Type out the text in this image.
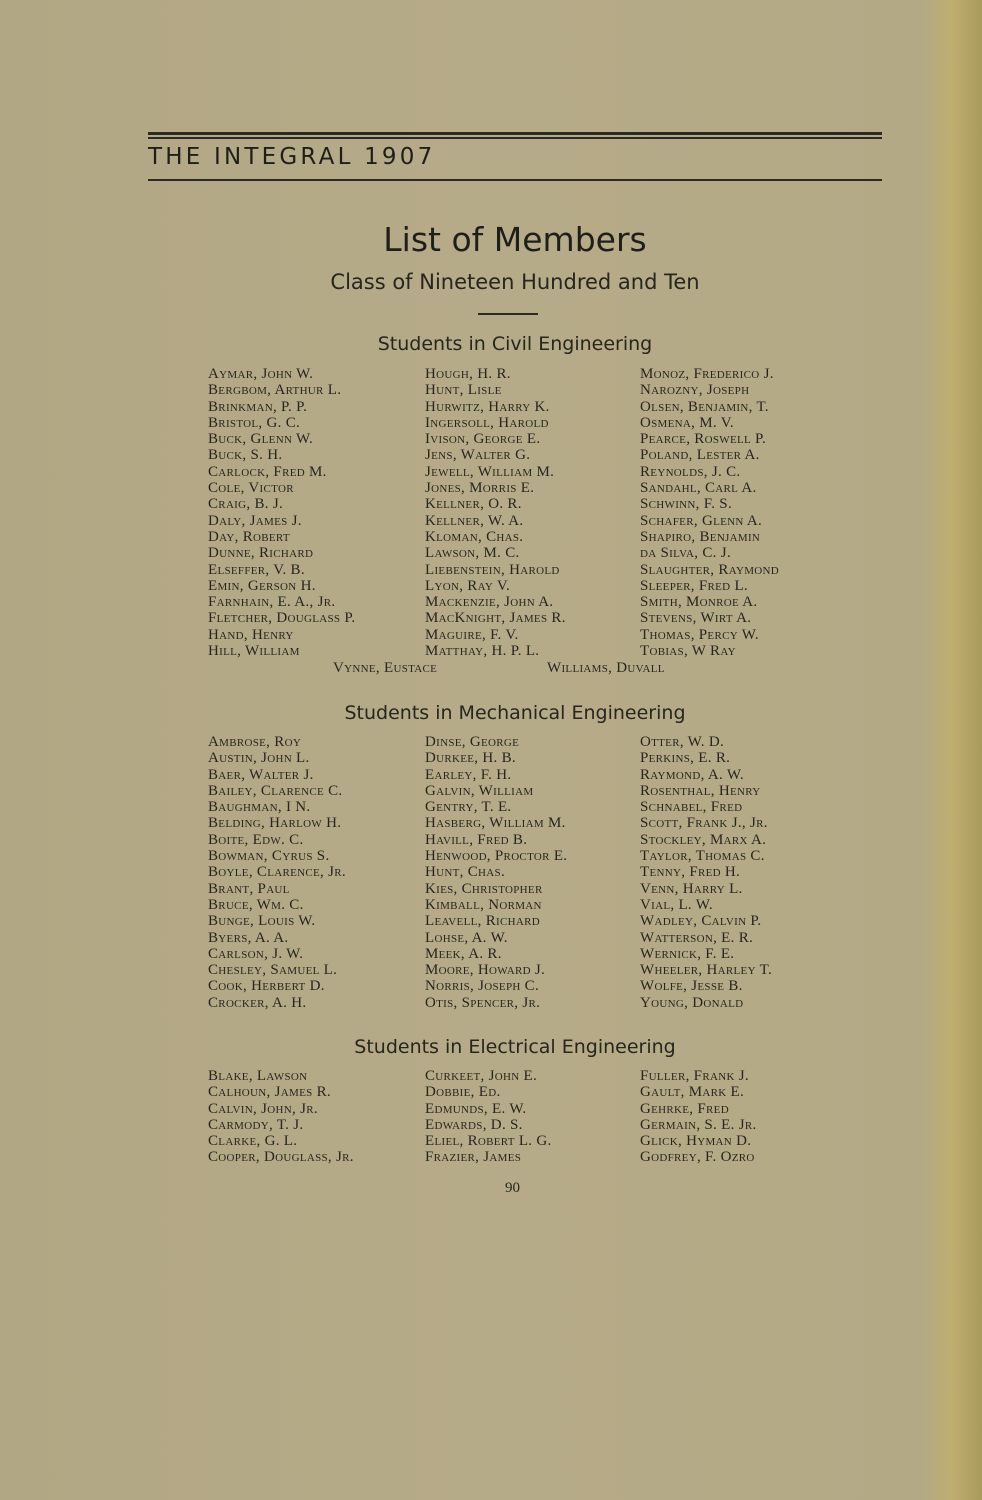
THE INTEGRAL 1907
List of Members
Class of Nineteen Hundred and Ten
Students in Civil Engineering
Aymar, John W.
Bergbom, Arthur L.
Brinkman, P. P.
Bristol, G. C.
Buck, Glenn W.
Buck, S. H.
Carlock, Fred M.
Cole, Victor
Craig, B. J.
Daly, James J.
Day, Robert
Dunne, Richard
Elseffer, V. B.
Emin, Gerson H.
Farnhain, E. A., Jr.
Fletcher, Douglass P.
Hand, Henry
Hill, William
Hough, H. R.
Hunt, Lisle
Hurwitz, Harry K.
Ingersoll, Harold
Ivison, George E.
Jens, Walter G.
Jewell, William M.
Jones, Morris E.
Kellner, O. R.
Kellner, W. A.
Kloman, Chas.
Lawson, M. C.
Liebenstein, Harold
Lyon, Ray V.
Mackenzie, John A.
MacKnight, James R.
Maguire, F. V.
Matthay, H. P. L.
Monoz, Frederico J.
Narozny, Joseph
Olsen, Benjamin, T.
Osmena, M. V.
Pearce, Roswell P.
Poland, Lester A.
Reynolds, J. C.
Sandahl, Carl A.
Schwinn, F. S.
Schafer, Glenn A.
Shapiro, Benjamin
da Silva, C. J.
Slaughter, Raymond
Sleeper, Fred L.
Smith, Monroe A.
Stevens, Wirt A.
Thomas, Percy W.
Tobias, W Ray
Vynne, Eustace	Williams, Duvall
Students in Mechanical Engineering
Ambrose, Roy
Austin, John L.
Baer, Walter J.
Bailey, Clarence C.
Baughman, I N.
Belding, Harlow H.
Boite, Edw. C.
Bowman, Cyrus S.
Boyle, Clarence, Jr.
Brant, Paul
Bruce, Wm. C.
Bunge, Louis W.
Byers, A. A.
Carlson, J. W.
Chesley, Samuel L.
Cook, Herbert D.
Crocker, A. H.
Dinse, George
Durkee, H. B.
Earley, F. H.
Galvin, William
Gentry, T. E.
Hasberg, William M.
Havill, Fred B.
Henwood, Proctor E.
Hunt, Chas.
Kies, Christopher
Kimball, Norman
Leavell, Richard
Lohse, A. W.
Meek, A. R.
Moore, Howard J.
Norris, Joseph C.
Otis, Spencer, Jr.
Otter, W. D.
Perkins, E. R.
Raymond, A. W.
Rosenthal, Henry
Schnabel, Fred
Scott, Frank J., Jr.
Stockley, Marx A.
Taylor, Thomas C.
Tenny, Fred H.
Venn, Harry L.
Vial, L. W.
Wadley, Calvin P.
Watterson, E. R.
Wernick, F. E.
Wheeler, Harley T.
Wolfe, Jesse B.
Young, Donald
Students in Electrical Engineering
Blake, Lawson
Calhoun, James R.
Calvin, John, Jr.
Carmody, T. J.
Clarke, G. L.
Cooper, Douglass, Jr.
Curkeet, John E.
Dobbie, Ed.
Edmunds, E. W.
Edwards, D. S.
Eliel, Robert L. G.
Frazier, James
Fuller, Frank J.
Gault, Mark E.
Gehrke, Fred
Germain, S. E. Jr.
Glick, Hyman D.
Godfrey, F. Ozro
90
